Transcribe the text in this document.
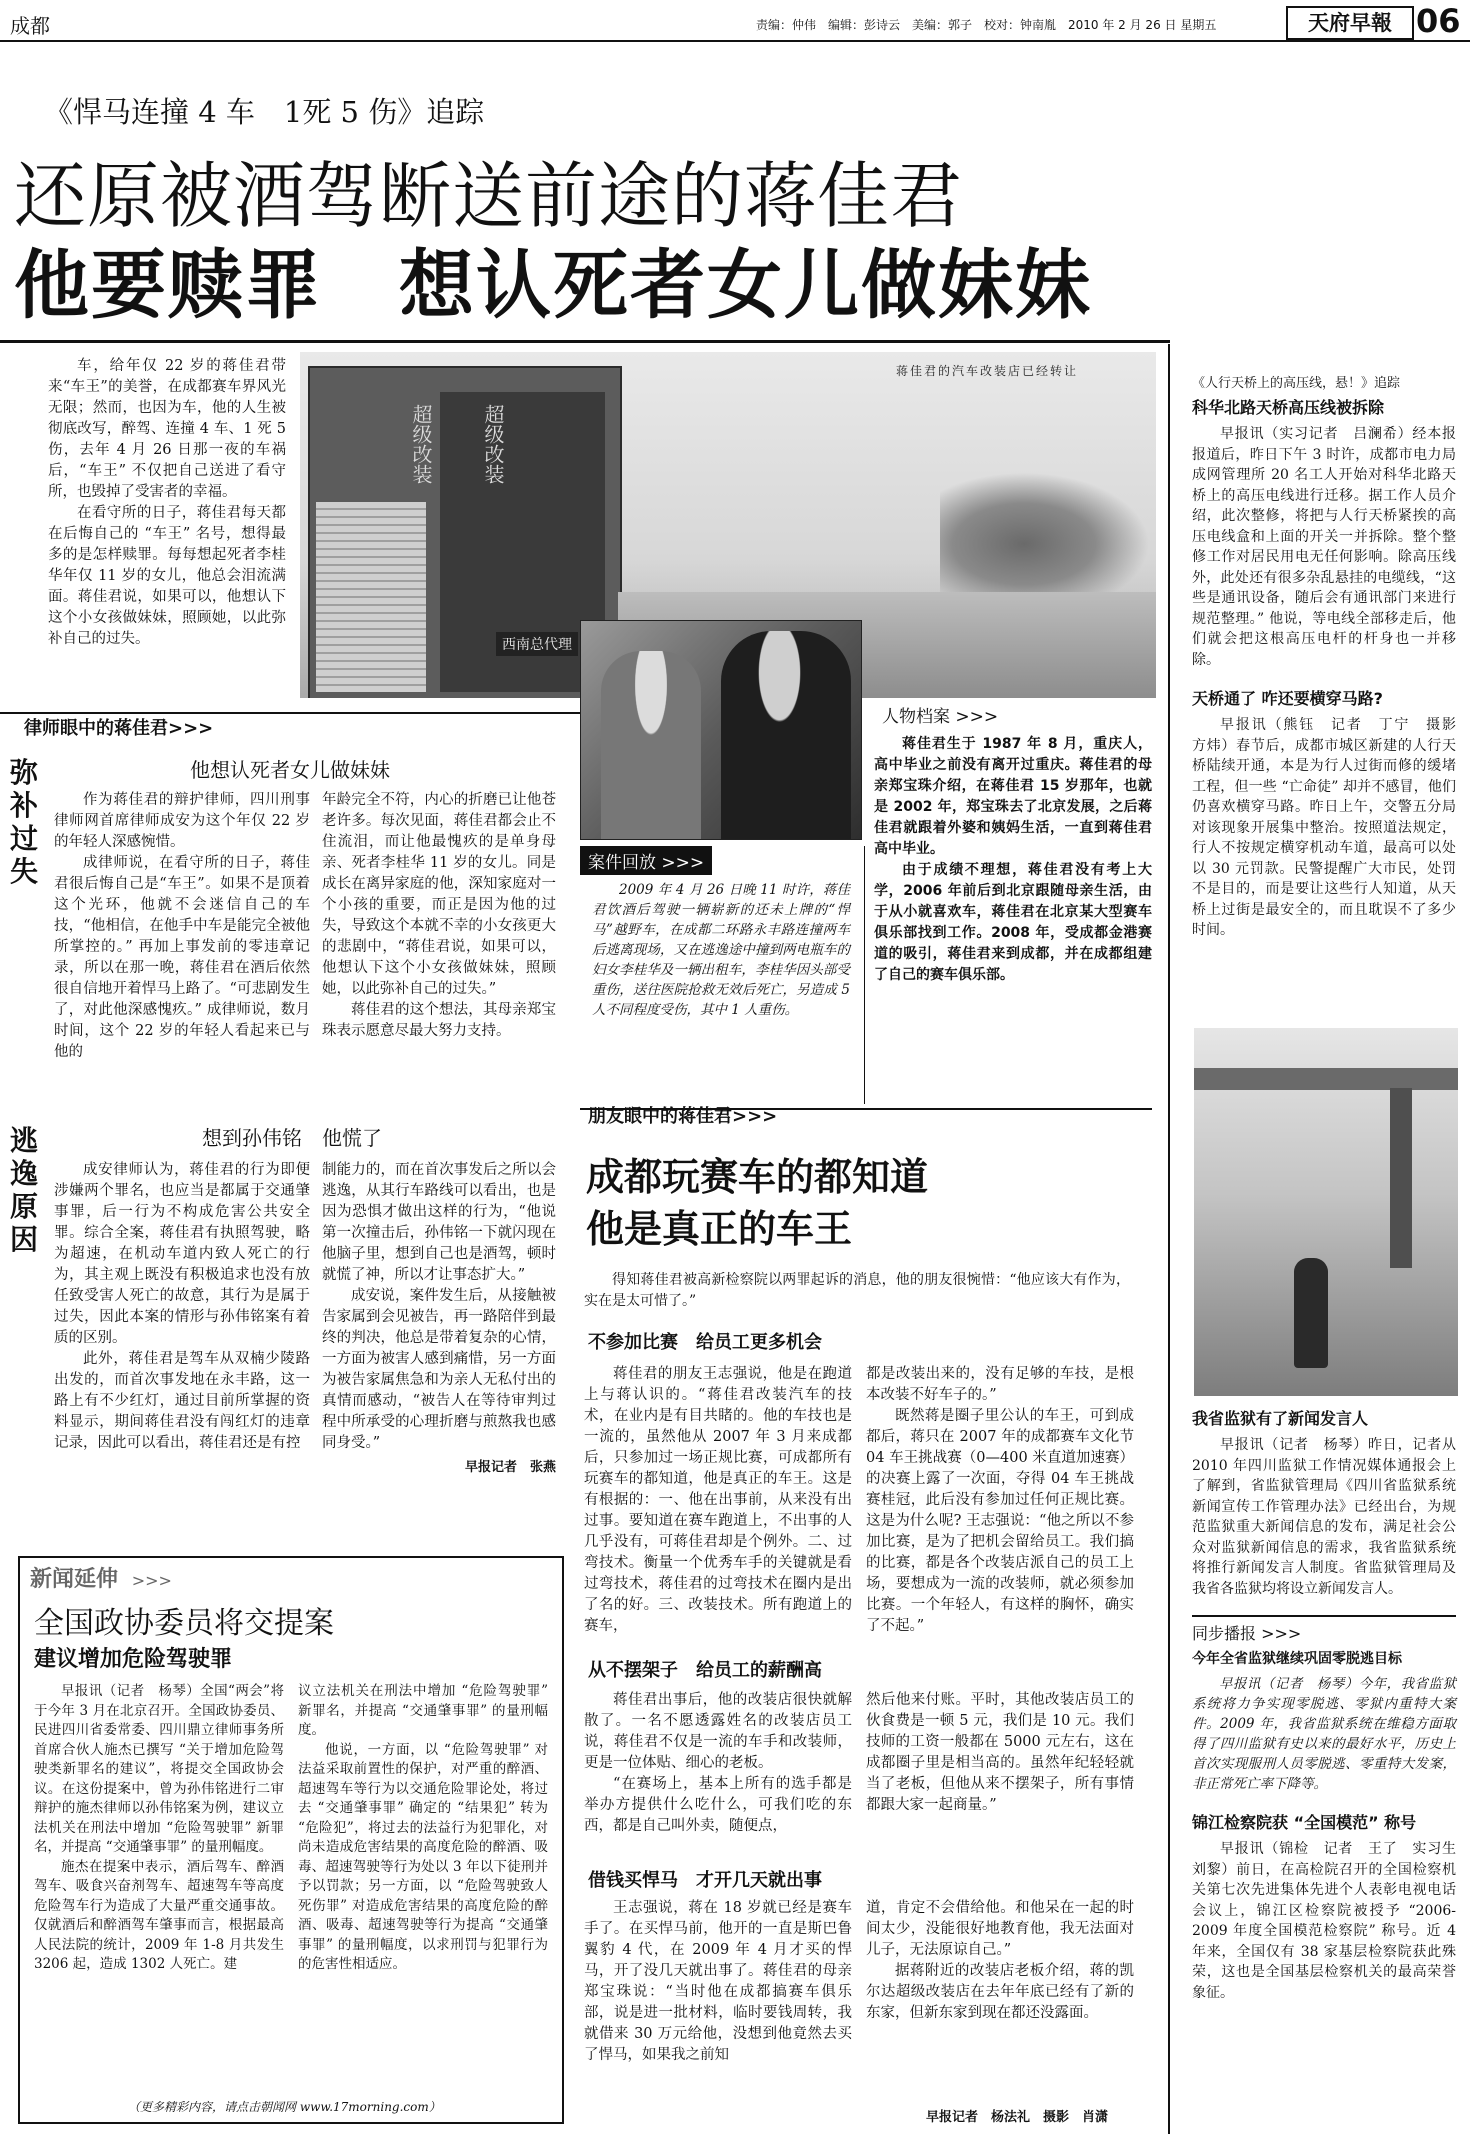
成都	责编：仲伟　编辑：彭诗云　美编：郭子　校对：钟南胤　2010 年 2 月 26 日 星期五	天府早報 06
《悍马连撞 4 车　1死 5 伤》追踪
还原被酒驾断送前途的蒋佳君
他要赎罪　想认死者女儿做妹妹

车，给年仅 22 岁的蒋佳君带来“车王”的美誉，在成都赛车界风光无限；然而，也因为车，他的人生被彻底改写，醉驾、连撞 4 车、1 死 5 伤，去年 4 月 26 日那一夜的车祸后，“车王” 不仅把自己送进了看守所，也毁掉了受害者的幸福。

在看守所的日子，蒋佳君每天都在后悔自己的 “车王” 名号，想得最多的是怎样赎罪。每每想起死者李桂华年仅 11 岁的女儿，他总会泪流满面。蒋佳君说，如果可以，他想认下这个小女孩做妹妹，照顾她，以此弥补自己的过失。

超级改装 超级改装
西南总代理
蒋佳君的汽车改装店已经转让
律师眼中的蒋佳君>>>
弥补过失
他想认死者女儿做妹妹

作为蒋佳君的辩护律师，四川刑事律师网首席律师成安为这个年仅 22 岁的年轻人深感惋惜。

成律师说，在看守所的日子，蒋佳君很后悔自己是“车王”。如果不是顶着这个光环，他就不会迷信自己的车技，“他相信，在他手中车是能完全被他所掌控的。” 再加上事发前的零违章记录，所以在那一晚，蒋佳君在酒后依然很自信地开着悍马上路了。“可悲剧发生了，对此他深感愧疚。” 成律师说，数月时间，这个 22 岁的年轻人看起来已与他的

年龄完全不符，内心的折磨已让他苍老许多。每次见面，蒋佳君都会止不住流泪，而让他最愧疚的是单身母亲、死者李桂华 11 岁的女儿。同是成长在离异家庭的他，深知家庭对一个小孩的重要，而正是因为他的过失，导致这个本就不幸的小女孩更大的悲剧中，“蒋佳君说，如果可以，他想认下这个小女孩做妹妹，照顾她，以此弥补自己的过失。”

蒋佳君的这个想法，其母亲郑宝珠表示愿意尽最大努力支持。

逃逸原因
想到孙伟铭　他慌了

成安律师认为，蒋佳君的行为即便涉嫌两个罪名，也应当是都属于交通肇事罪，后一行为不构成危害公共安全罪。综合全案，蒋佳君有执照驾驶，略为超速，在机动车道内致人死亡的行为，其主观上既没有积极追求也没有放任致受害人死亡的故意，其行为是属于过失，因此本案的情形与孙伟铭案有着质的区别。

此外，蒋佳君是驾车从双楠少陵路出发的，而首次事发地在永丰路，这一路上有不少红灯，通过目前所掌握的资料显示，期间蒋佳君没有闯红灯的违章记录，因此可以看出，蒋佳君还是有控

制能力的，而在首次事发后之所以会逃逸，从其行车路线可以看出，也是因为恐惧才做出这样的行为，“他说第一次撞击后，孙伟铭一下就闪现在他脑子里，想到自己也是酒驾，顿时就慌了神，所以才让事态扩大。”

成安说，案件发生后，从接触被告家属到会见被告，再一路陪伴到最终的判决，他总是带着复杂的心情，一方面为被害人感到痛惜，另一方面为被告家属焦急和为亲人无私付出的真情而感动，“被告人在等待审判过程中所承受的心理折磨与煎熬我也感同身受。”

早报记者　张燕
人物档案 >>>

蒋佳君生于 1987 年 8 月，重庆人，高中毕业之前没有离开过重庆。蒋佳君的母亲郑宝珠介绍，在蒋佳君 15 岁那年，也就是 2002 年，郑宝珠去了北京发展，之后蒋佳君就跟着外婆和姨妈生活，一直到蒋佳君高中毕业。

由于成绩不理想，蒋佳君没有考上大学，2006 年前后到北京跟随母亲生活，由于从小就喜欢车，蒋佳君在北京某大型赛车俱乐部找到工作。2008 年，受成都金港赛道的吸引，蒋佳君来到成都，并在成都组建了自己的赛车俱乐部。

案件回放 >>>

2009 年 4 月 26 日晚 11 时许，蒋佳君饮酒后驾驶一辆崭新的还未上牌的“悍马”越野车，在成都二环路永丰路连撞两车后逃离现场，又在逃逸途中撞到两电瓶车的妇女李桂华及一辆出租车，李桂华因头部受重伤，送往医院抢救无效后死亡，另造成 5 人不同程度受伤，其中 1 人重伤。

朋友眼中的蒋佳君>>>
成都玩赛车的都知道
他是真正的车王

得知蒋佳君被高新检察院以两罪起诉的消息，他的朋友很惋惜：“他应该大有作为，实在是太可惜了。”

不参加比赛　给员工更多机会

蒋佳君的朋友王志强说，他是在跑道上与蒋认识的。“蒋佳君改装汽车的技术，在业内是有目共睹的。他的车技也是一流的，虽然他从 2007 年 3 月来成都后，只参加过一场正规比赛，可成都所有玩赛车的都知道，他是真正的车王。这是有根据的：一、他在出事前，从来没有出过事。要知道在赛车跑道上，不出事的人几乎没有，可蒋佳君却是个例外。二、过弯技术。衡量一个优秀车手的关键就是看过弯技术，蒋佳君的过弯技术在圈内是出了名的好。三、改装技术。所有跑道上的赛车，

都是改装出来的，没有足够的车技，是根本改装不好车子的。”

既然蒋是圈子里公认的车王，可到成都后，蒋只在 2007 年的成都赛车文化节 04 车王挑战赛（0—400 米直道加速赛）的决赛上露了一次面，夺得 04 车王挑战赛桂冠，此后没有参加过任何正规比赛。这是为什么呢? 王志强说：“他之所以不参加比赛，是为了把机会留给员工。我们搞的比赛，都是各个改装店派自己的员工上场，要想成为一流的改装师，就必须参加比赛。一个年轻人，有这样的胸怀，确实了不起。”

从不摆架子　给员工的薪酬高

蒋佳君出事后，他的改装店很快就解散了。一名不愿透露姓名的改装店员工说，蒋佳君不仅是一流的车手和改装师，更是一位体贴、细心的老板。

“在赛场上，基本上所有的选手都是举办方提供什么吃什么，可我们吃的东西，都是自己叫外卖，随便点，

然后他来付账。平时，其他改装店员工的伙食费是一顿 5 元，我们是 10 元。我们技师的工资一般都在 5000 元左右，这在成都圈子里是相当高的。虽然年纪轻轻就当了老板，但他从来不摆架子，所有事情都跟大家一起商量。”

借钱买悍马　才开几天就出事

王志强说，蒋在 18 岁就已经是赛车手了。在买悍马前，他开的一直是斯巴鲁翼豹 4 代，在 2009 年 4 月才买的悍马，开了没几天就出事了。蒋佳君的母亲郑宝珠说：“当时他在成都搞赛车俱乐部，说是进一批材料，临时要钱周转，我就借来 30 万元给他，没想到他竟然去买了悍马，如果我之前知

道，肯定不会借给他。和他呆在一起的时间太少，没能很好地教育他，我无法面对儿子，无法原谅自己。”

据蒋附近的改装店老板介绍，蒋的凯尔达超级改装店在去年年底已经有了新的东家，但新东家到现在都还没露面。

早报记者　杨法礼　摄影　肖潇
新闻延伸 >>>
全国政协委员将交提案
建议增加危险驾驶罪

早报讯（记者　杨琴）全国“两会”将于今年 3 月在北京召开。全国政协委员、民进四川省委常委、四川鼎立律师事务所首席合伙人施杰已撰写 “关于增加危险驾驶类新罪名的建议”，将提交全国政协会议。在这份提案中，曾为孙伟铭进行二审辩护的施杰律师以孙伟铭案为例，建议立法机关在刑法中增加 “危险驾驶罪” 新罪名，并提高 “交通肇事罪” 的量刑幅度。

施杰在提案中表示，酒后驾车、醉酒驾车、吸食兴奋剂驾车、超速驾车等高度危险驾车行为造成了大量严重交通事故。仅就酒后和醉酒驾车肇事而言，根据最高人民法院的统计，2009 年 1-8 月共发生 3206 起，造成 1302 人死亡。建

议立法机关在刑法中增加 “危险驾驶罪” 新罪名，并提高 “交通肇事罪” 的量刑幅度。

他说，一方面，以 “危险驾驶罪” 对法益采取前置性的保护，对严重的醉酒、超速驾车等行为以交通危险罪论处，将过去 “交通肇事罪” 确定的 “结果犯” 转为 “危险犯”，将过去的法益行为犯罪化，对尚未造成危害结果的高度危险的醉酒、吸毒、超速驾驶等行为处以 3 年以下徒刑并予以罚款；另一方面，以 “危险驾驶致人死伤罪” 对造成危害结果的高度危险的醉酒、吸毒、超速驾驶等行为提高 “交通肇事罪” 的量刑幅度，以求刑罚与犯罪行为的危害性相适应。

（更多精彩内容，请点击朝闻网 www.17morning.com）
《人行天桥上的高压线，悬！》追踪
科华北路天桥高压线被拆除

早报讯（实习记者　吕澜希）经本报报道后，昨日下午 3 时许，成都市电力局成网管理所 20 名工人开始对科华北路天桥上的高压电线进行迁移。据工作人员介绍，此次整修，将把与人行天桥紧挨的高压电线盒和上面的开关一并拆除。整个整修工作对居民用电无任何影响。除高压线外，此处还有很多杂乱悬挂的电缆线，“这些是通讯设备，随后会有通讯部门来进行规范整理。” 他说，等电线全部移走后，他们就会把这根高压电杆的杆身也一并移除。

天桥通了 咋还要横穿马路?

早报讯（熊钰　记者　丁宁　摄影　方炜）春节后，成都市城区新建的人行天桥陆续开通，本是为行人过街而修的缓堵工程，但一些 “亡命徒” 却并不感冒，他们仍喜欢横穿马路。昨日上午，交警五分局对该现象开展集中整治。按照道法规定，行人不按规定横穿机动车道，最高可以处以 30 元罚款。民警提醒广大市民，处罚不是目的，而是要让这些行人知道，从天桥上过街是最安全的，而且耽误不了多少时间。

我省监狱有了新闻发言人

早报讯（记者　杨琴）昨日，记者从 2010 年四川监狱工作情况媒体通报会上了解到，省监狱管理局《四川省监狱系统新闻宣传工作管理办法》已经出台，为规范监狱重大新闻信息的发布，满足社会公众对监狱新闻信息的需求，我省监狱系统将推行新闻发言人制度。省监狱管理局及我省各监狱均将设立新闻发言人。

同步播报 >>>
今年全省监狱继续巩固零脱逃目标

早报讯（记者　杨琴）今年，我省监狱系统将力争实现零脱逃、零狱内重特大案件。2009 年，我省监狱系统在维稳方面取得了四川监狱有史以来的最好水平，历史上首次实现服刑人员零脱逃、零重特大发案，非正常死亡率下降等。

锦江检察院获 “全国模范” 称号

早报讯（锦检　记者　王了　实习生　刘黎）前日，在高检院召开的全国检察机关第七次先进集体先进个人表彰电视电话会议上，锦江区检察院被授予 “2006-2009 年度全国模范检察院” 称号。近 4 年来，全国仅有 38 家基层检察院获此殊荣，这也是全国基层检察机关的最高荣誉象征。
